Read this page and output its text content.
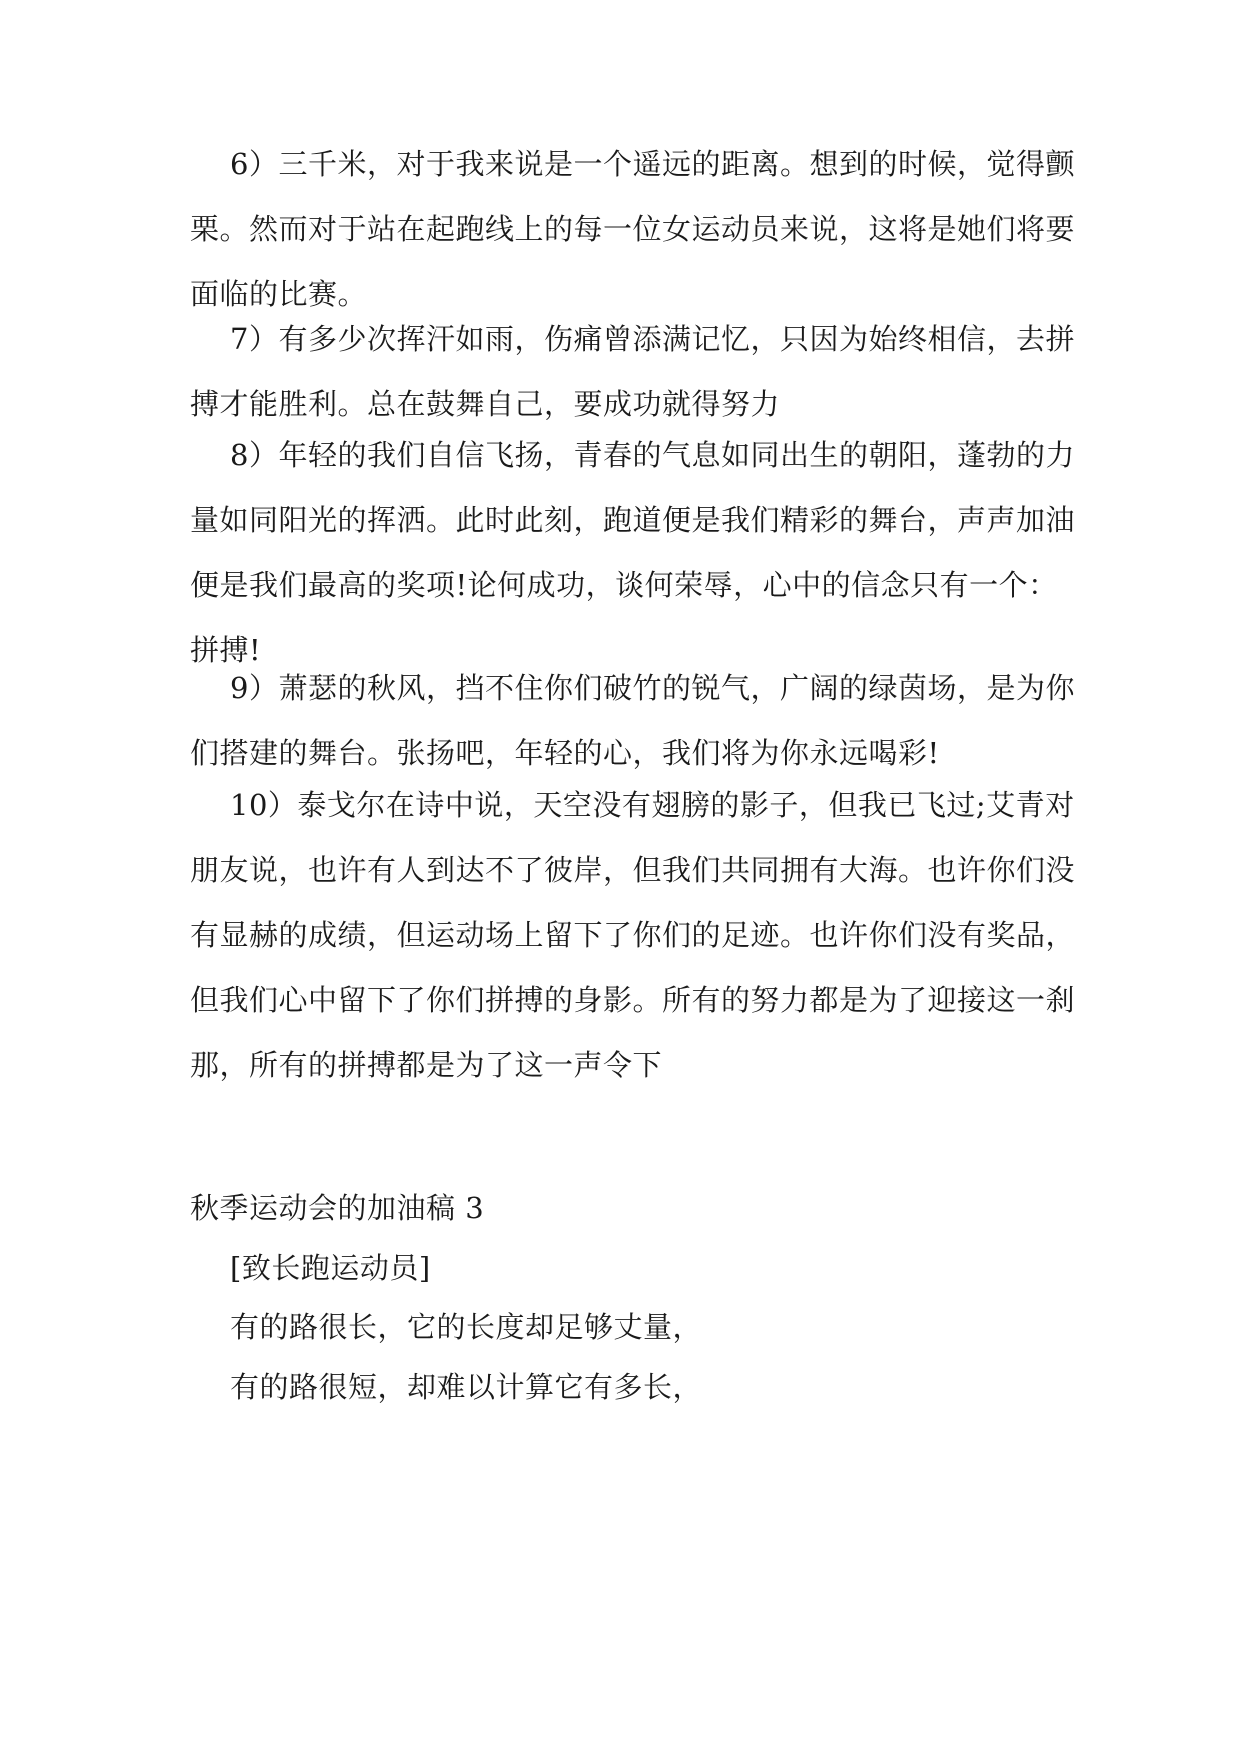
6）三千米，对于我来说是一个遥远的距离。想到的时候，觉得颤
栗。然而对于站在起跑线上的每一位女运动员来说，这将是她们将要
面临的比赛。
7）有多少次挥汗如雨，伤痛曾添满记忆，只因为始终相信，去拼
搏才能胜利。总在鼓舞自己，要成功就得努力
8）年轻的我们自信飞扬，青春的气息如同出生的朝阳，蓬勃的力
量如同阳光的挥洒。此时此刻，跑道便是我们精彩的舞台，声声加油
便是我们最高的奖项!论何成功，谈何荣辱，心中的信念只有一个：
拼搏!
9）萧瑟的秋风，挡不住你们破竹的锐气，广阔的绿茵场，是为你
们搭建的舞台。张扬吧，年轻的心，我们将为你永远喝彩!
10）泰戈尔在诗中说，天空没有翅膀的影子，但我已飞过;艾青对
朋友说，也许有人到达不了彼岸，但我们共同拥有大海。也许你们没
有显赫的成绩，但运动场上留下了你们的足迹。也许你们没有奖品，
但我们心中留下了你们拼搏的身影。所有的努力都是为了迎接这一刹
那，所有的拼搏都是为了这一声令下
秋季运动会的加油稿 3
[致长跑运动员]
有的路很长，它的长度却足够丈量，
有的路很短，却难以计算它有多长，
